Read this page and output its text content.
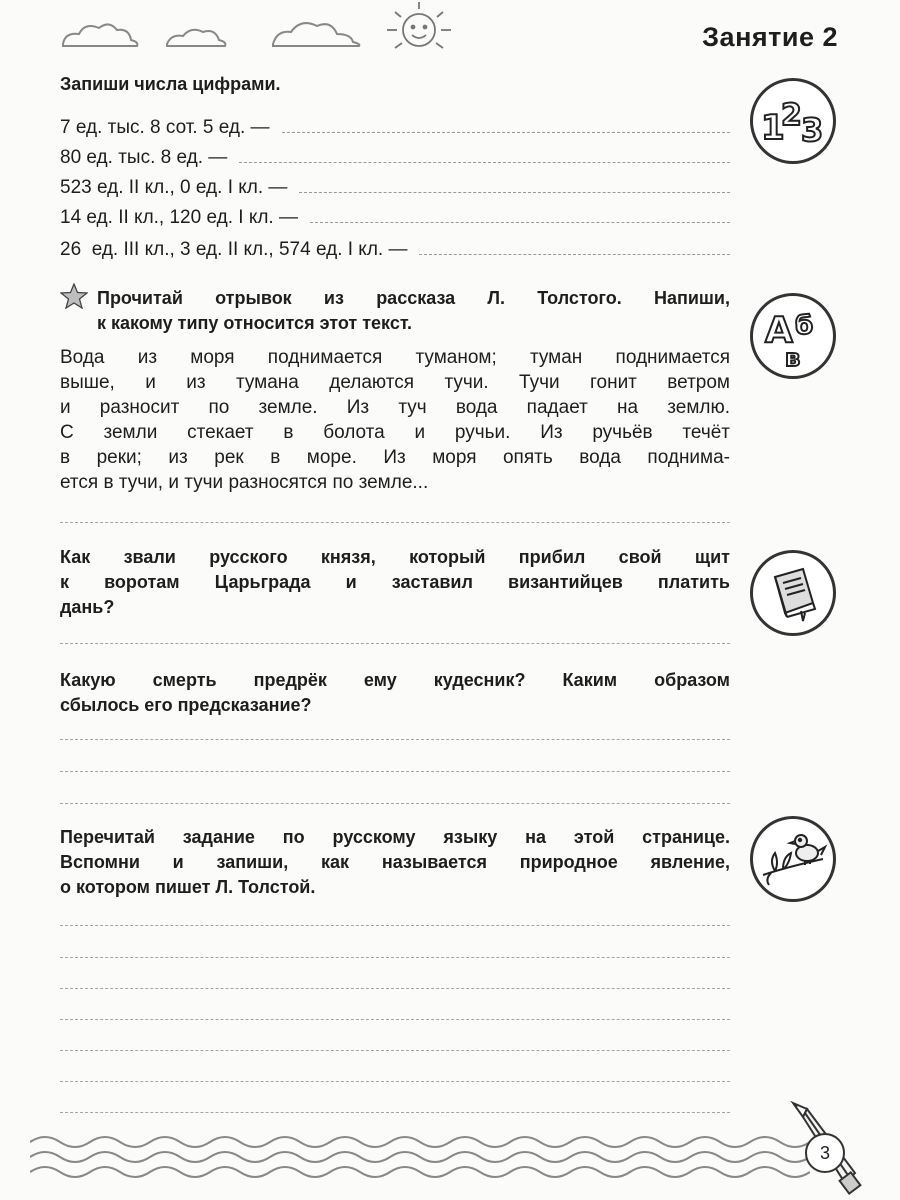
Занятие 2
Запиши числа цифрами.
7 ед. тыс. 8 сот. 5 ед. —
80 ед. тыс. 8 ед. —
523 ед. II кл., 0 ед. I кл. —
14 ед. II кл., 120 ед. I кл. —
26  ед. III кл., 3 ед. II кл., 574 ед. I кл. —
1
2 3
Прочитай отрывок из рассказа Л. Толстого. Напиши,
к какому типу относится этот текст.
Вода из моря поднимается туманом; туман поднимается
выше, и из тумана делаются тучи. Тучи гонит ветром
и разносит по земле. Из туч вода падает на землю.
С земли стекает в болота и ручьи. Из ручьёв течёт
в реки; из рек в море. Из моря опять вода поднима-
ется в тучи, и тучи разносятся по земле...
А б
в
Как звали русского князя, который прибил свой щит
к воротам Царьграда и заставил византийцев платить
дань?
Какую смерть предрёк ему кудесник? Каким образом
сбылось его предсказание?
Перечитай задание по русскому языку на этой странице.
Вспомни и запиши, как называется природное явление,
о котором пишет Л. Толстой.
3
